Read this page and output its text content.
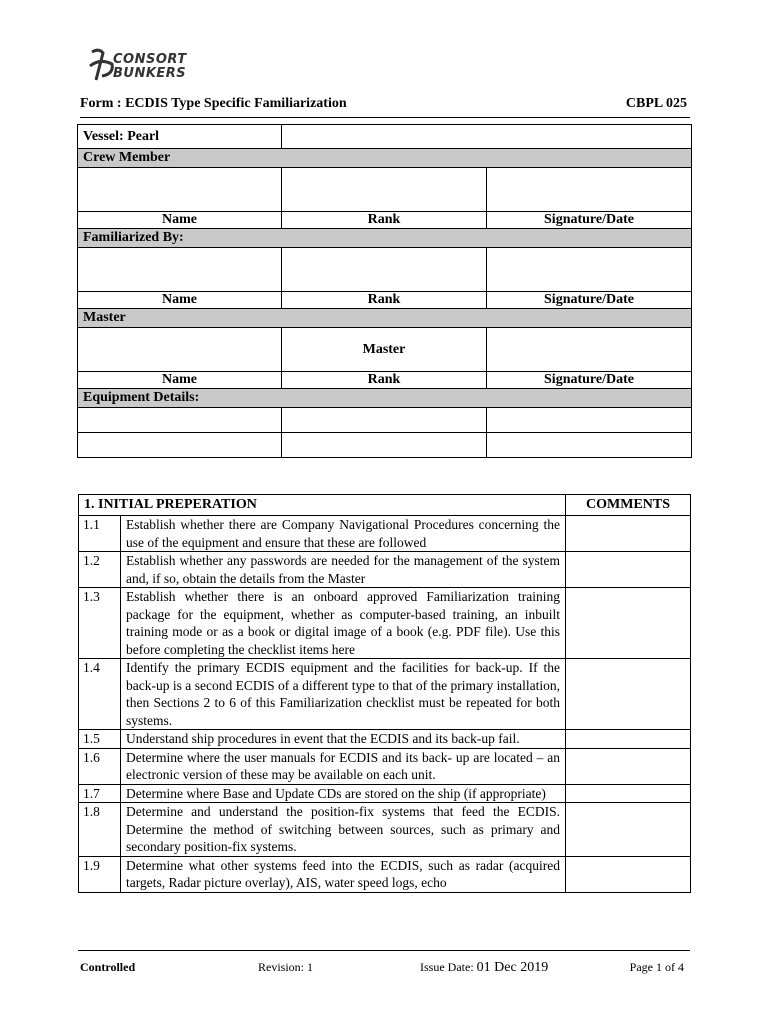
CONSORT
BUNKERS
Form : ECDIS Type Specific Familiarization	CBPL 025
Vessel: Pearl		
Crew Member		

Name	Rank	Signature/Date
Familiarized By:		

Name	Rank	Signature/Date
Master		
	Master	
Name	Rank	Signature/Date
Equipment Details:		

1. INITIAL PREPERATION		COMMENTS
1.1	Establish whether there are Company Navigational Procedures concerning the use of the equipment and ensure that these are followed	
1.2	Establish whether any passwords are needed for the management of the system and, if so, obtain the details from the Master	
1.3	Establish whether there is an onboard approved Familiarization training package for the equipment, whether as computer-based training, an inbuilt training mode or as a book or digital image of a book (e.g. PDF file). Use this before completing the checklist items here	
1.4	Identify the primary ECDIS equipment and the facilities for back-up. If the back-up is a second ECDIS of a different type to that of the primary installation, then Sections 2 to 6 of this Familiarization checklist must be repeated for both systems.	
1.5	Understand ship procedures in event that the ECDIS and its back-up fail.	
1.6	Determine where the user manuals for ECDIS and its back- up are located – an electronic version of these may be available on each unit.	
1.7	Determine where Base and Update CDs are stored on the ship (if appropriate)	
1.8	Determine and understand the position-fix systems that feed the ECDIS. Determine the method of switching between sources, such as primary and secondary position-fix systems.	
1.9	Determine what other systems feed into the ECDIS, such as radar (acquired targets, Radar picture overlay), AIS, water speed logs, echo	
Controlled	Revision: 1	Issue Date: 01 Dec 2019	Page 1 of 4
